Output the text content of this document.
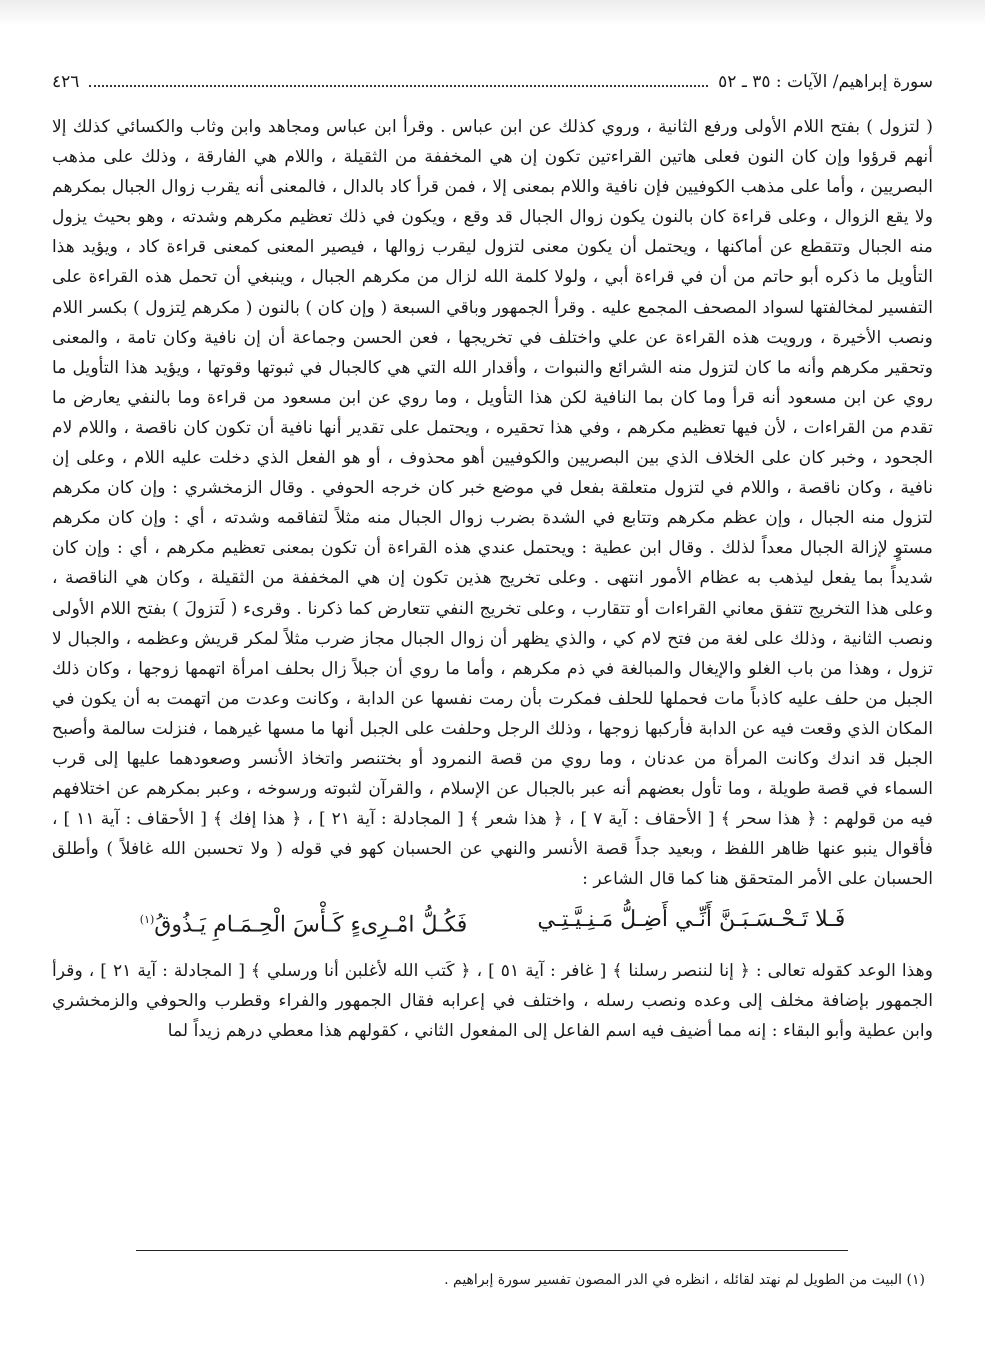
سورة إبراهيم/ الآيات : ٣٥ ـ ٥٢
٤٢٦

( لتزول ) بفتح اللام الأولى ورفع الثانية ، وروي كذلك عن ابن عباس . وقرأ ابن عباس ومجاهد وابن وثاب والكسائي كذلك إلا أنهم قرؤوا وإن كان النون فعلى هاتين القراءتين تكون إن هي المخففة من الثقيلة ، واللام هي الفارقة ، وذلك على مذهب البصريين ، وأما على مذهب الكوفيين فإن نافية واللام بمعنى إلا ، فمن قرأ كاد بالدال ، فالمعنى أنه يقرب زوال الجبال بمكرهم ولا يقع الزوال ، وعلى قراءة كان بالنون يكون زوال الجبال قد وقع ، ويكون في ذلك تعظيم مكرهم وشدته ، وهو بحيث يزول منه الجبال وتتقطع عن أماكنها ، ويحتمل أن يكون معنى لتزول ليقرب زوالها ، فيصير المعنى كمعنى قراءة كاد ، ويؤيد هذا التأويل ما ذكره أبو حاتم من أن في قراءة أبي ، ولولا كلمة الله لزال من مكرهم الجبال ، وينبغي أن تحمل هذه القراءة على التفسير لمخالفتها لسواد المصحف المجمع عليه . وقرأ الجمهور وباقي السبعة ( وإن كان ) بالنون ( مكرهم لِتزول ) بكسر اللام ونصب الأخيرة ، ورويت هذه القراءة عن علي واختلف في تخريجها ، فعن الحسن وجماعة أن إن نافية وكان تامة ، والمعنى وتحقير مكرهم وأنه ما كان لتزول منه الشرائع والنبوات ، وأقدار الله التي هي كالجبال في ثبوتها وقوتها ، ويؤيد هذا التأويل ما روي عن ابن مسعود أنه قرأ وما كان بما النافية لكن هذا التأويل ، وما روي عن ابن مسعود من قراءة وما بالنفي يعارض ما تقدم من القراءات ، لأن فيها تعظيم مكرهم ، وفي هذا تحقيره ، ويحتمل على تقدير أنها نافية أن تكون كان ناقصة ، واللام لام الجحود ، وخبر كان على الخلاف الذي بين البصريين والكوفيين أهو محذوف ، أو هو الفعل الذي دخلت عليه اللام ، وعلى إن نافية ، وكان ناقصة ، واللام في لتزول متعلقة بفعل في موضع خبر كان خرجه الحوفي . وقال الزمخشري : وإن كان مكرهم لتزول منه الجبال ، وإن عظم مكرهم وتتابع في الشدة بضرب زوال الجبال منه مثلاً لتفاقمه وشدته ، أي : وإن كان مكرهم مستوٍ لإزالة الجبال معداً لذلك . وقال ابن عطية : ويحتمل عندي هذه القراءة أن تكون بمعنى تعظيم مكرهم ، أي : وإن كان شديداً بما يفعل ليذهب به عظام الأمور انتهى . وعلى تخريج هذين تكون إن هي المخففة من الثقيلة ، وكان هي الناقصة ، وعلى هذا التخريج تتفق معاني القراءات أو تتقارب ، وعلى تخريج النفي تتعارض كما ذكرنا . وقرىء ( لَتزولَ ) بفتح اللام الأولى ونصب الثانية ، وذلك على لغة من فتح لام كي ، والذي يظهر أن زوال الجبال مجاز ضرب مثلاً لمكر قريش وعظمه ، والجبال لا تزول ، وهذا من باب الغلو والإيغال والمبالغة في ذم مكرهم ، وأما ما روي أن جبلاً زال بحلف امرأة اتهمها زوجها ، وكان ذلك الجبل من حلف عليه كاذباً مات فحملها للحلف فمكرت بأن رمت نفسها عن الدابة ، وكانت وعدت من اتهمت به أن يكون في المكان الذي وقعت فيه عن الدابة فأركبها زوجها ، وذلك الرجل وحلفت على الجبل أنها ما مسها غيرهما ، فنزلت سالمة وأصبح الجبل قد اندك وكانت المرأة من عدنان ، وما روي من قصة النمرود أو بختنصر واتخاذ الأنسر وصعودهما عليها إلى قرب السماء في قصة طويلة ، وما تأول بعضهم أنه عبر بالجبال عن الإسلام ، والقرآن لثبوته ورسوخه ، وعبر بمكرهم عن اختلافهم فيه من قولهم : ﴿ هذا سحر ﴾ [ الأحقاف : آية ٧ ] ، ﴿ هذا شعر ﴾ [ المجادلة : آية ٢١ ] ، ﴿ هذا إفك ﴾ [ الأحقاف : آية ١١ ] ، فأقوال ينبو عنها ظاهر اللفظ ، وبعيد جداً قصة الأنسر والنهي عن الحسبان كهو في قوله ( ولا تحسبن الله غافلاً ) وأطلق الحسبان على الأمر المتحقق هنا كما قال الشاعر :

فَـلا تَـحْـسَـبَـنَّ أَنِّـي أَضِـلُّ مَـنِـيَّـتِـي
فَكُـلُّ امْـرِىءٍ كَـأْسَ الْحِـمَـامِ يَـذُوقُ$^{(١)}$

وهذا الوعد كقوله تعالى : ﴿ إنا لننصر رسلنا ﴾ [ غافر : آية ٥١ ] ، ﴿ كَتب الله لأغلبن أنا ورسلي ﴾ [ المجادلة : آية ٢١ ] ، وقرأ الجمهور بإضافة مخلف إلى وعده ونصب رسله ، واختلف في إعرابه فقال الجمهور والفراء وقطرب والحوفي والزمخشري وابن عطية وأبو البقاء : إنه مما أضيف فيه اسم الفاعل إلى المفعول الثاني ، كقولهم هذا معطي درهم زيداً لما

(١) البيت من الطويل لم نهتد لقائله ، انظره في الدر المصون تفسير سورة إبراهيم .
